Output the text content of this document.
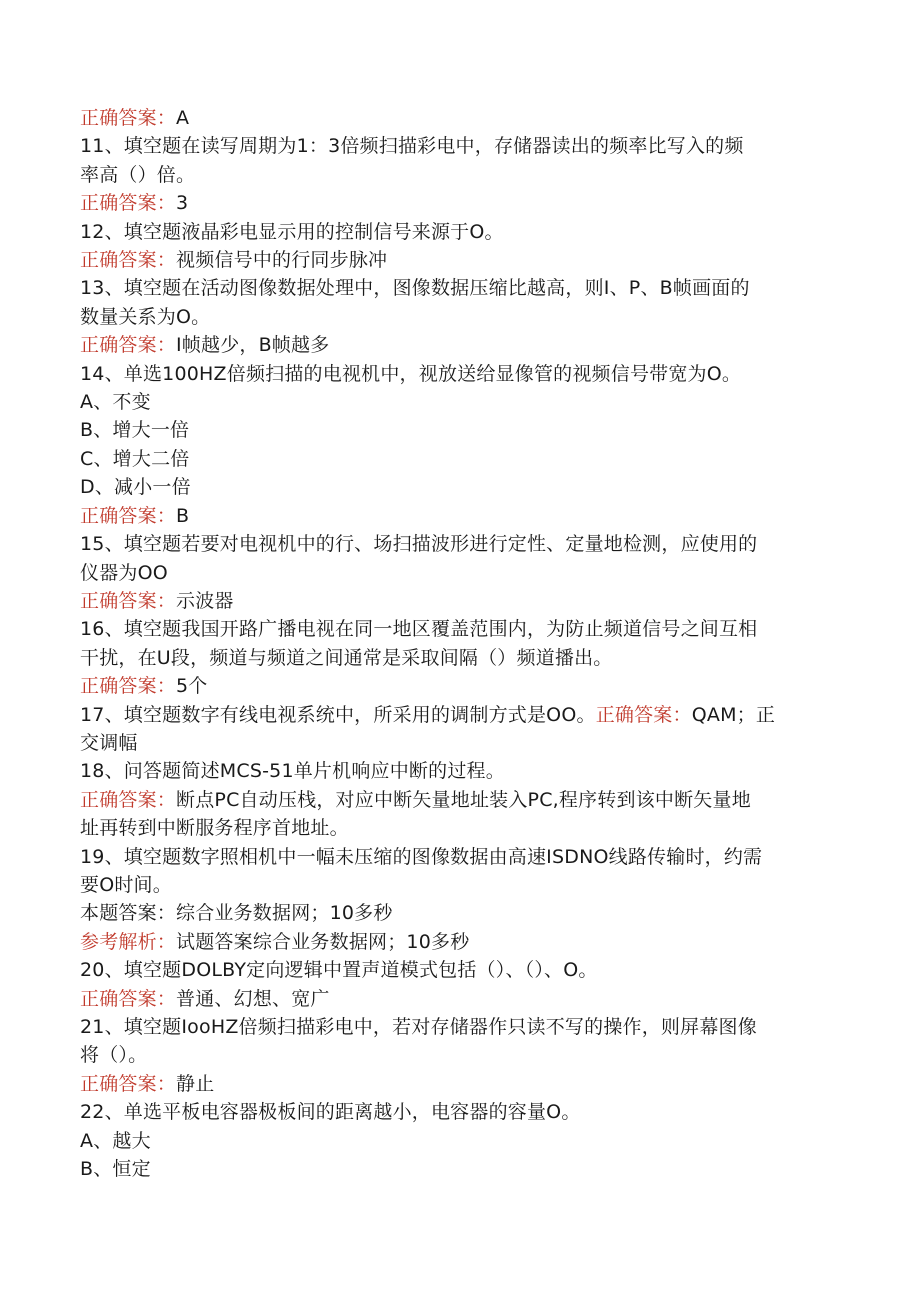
正确答案：A
11、填空题在读写周期为1：3倍频扫描彩电中，存储器读出的频率比写入的频
率高（）倍。
正确答案：3
12、填空题液晶彩电显示用的控制信号来源于O。
正确答案：视频信号中的行同步脉冲
13、填空题在活动图像数据处理中，图像数据压缩比越高，则I、P、B帧画面的
数量关系为O。
正确答案：I帧越少，B帧越多
14、单选100HZ倍频扫描的电视机中，视放送给显像管的视频信号带宽为O。
A、不变
B、增大一倍
C、增大二倍
D、减小一倍
正确答案：B
15、填空题若要对电视机中的行、场扫描波形进行定性、定量地检测，应使用的
仪器为OO
正确答案：示波器
16、填空题我国开路广播电视在同一地区覆盖范围内，为防止频道信号之间互相
干扰，在U段，频道与频道之间通常是采取间隔（）频道播出。
正确答案：5个
17、填空题数字有线电视系统中，所采用的调制方式是OO。正确答案：QAM；正
交调幅
18、问答题简述MCS-51单片机响应中断的过程。
正确答案：断点PC自动压栈，对应中断矢量地址装入PC,程序转到该中断矢量地
址再转到中断服务程序首地址。
19、填空题数字照相机中一幅未压缩的图像数据由高速ISDNO线路传输时，约需
要O时间。
本题答案：综合业务数据网；10多秒
参考解析：试题答案综合业务数据网；10多秒
20、填空题DOLBY定向逻辑中置声道模式包括（）、（）、O。
正确答案：普通、幻想、宽广
21、填空题IooHZ倍频扫描彩电中，若对存储器作只读不写的操作，则屏幕图像
将（）。
正确答案：静止
22、单选平板电容器极板间的距离越小，电容器的容量O。
A、越大
B、恒定
